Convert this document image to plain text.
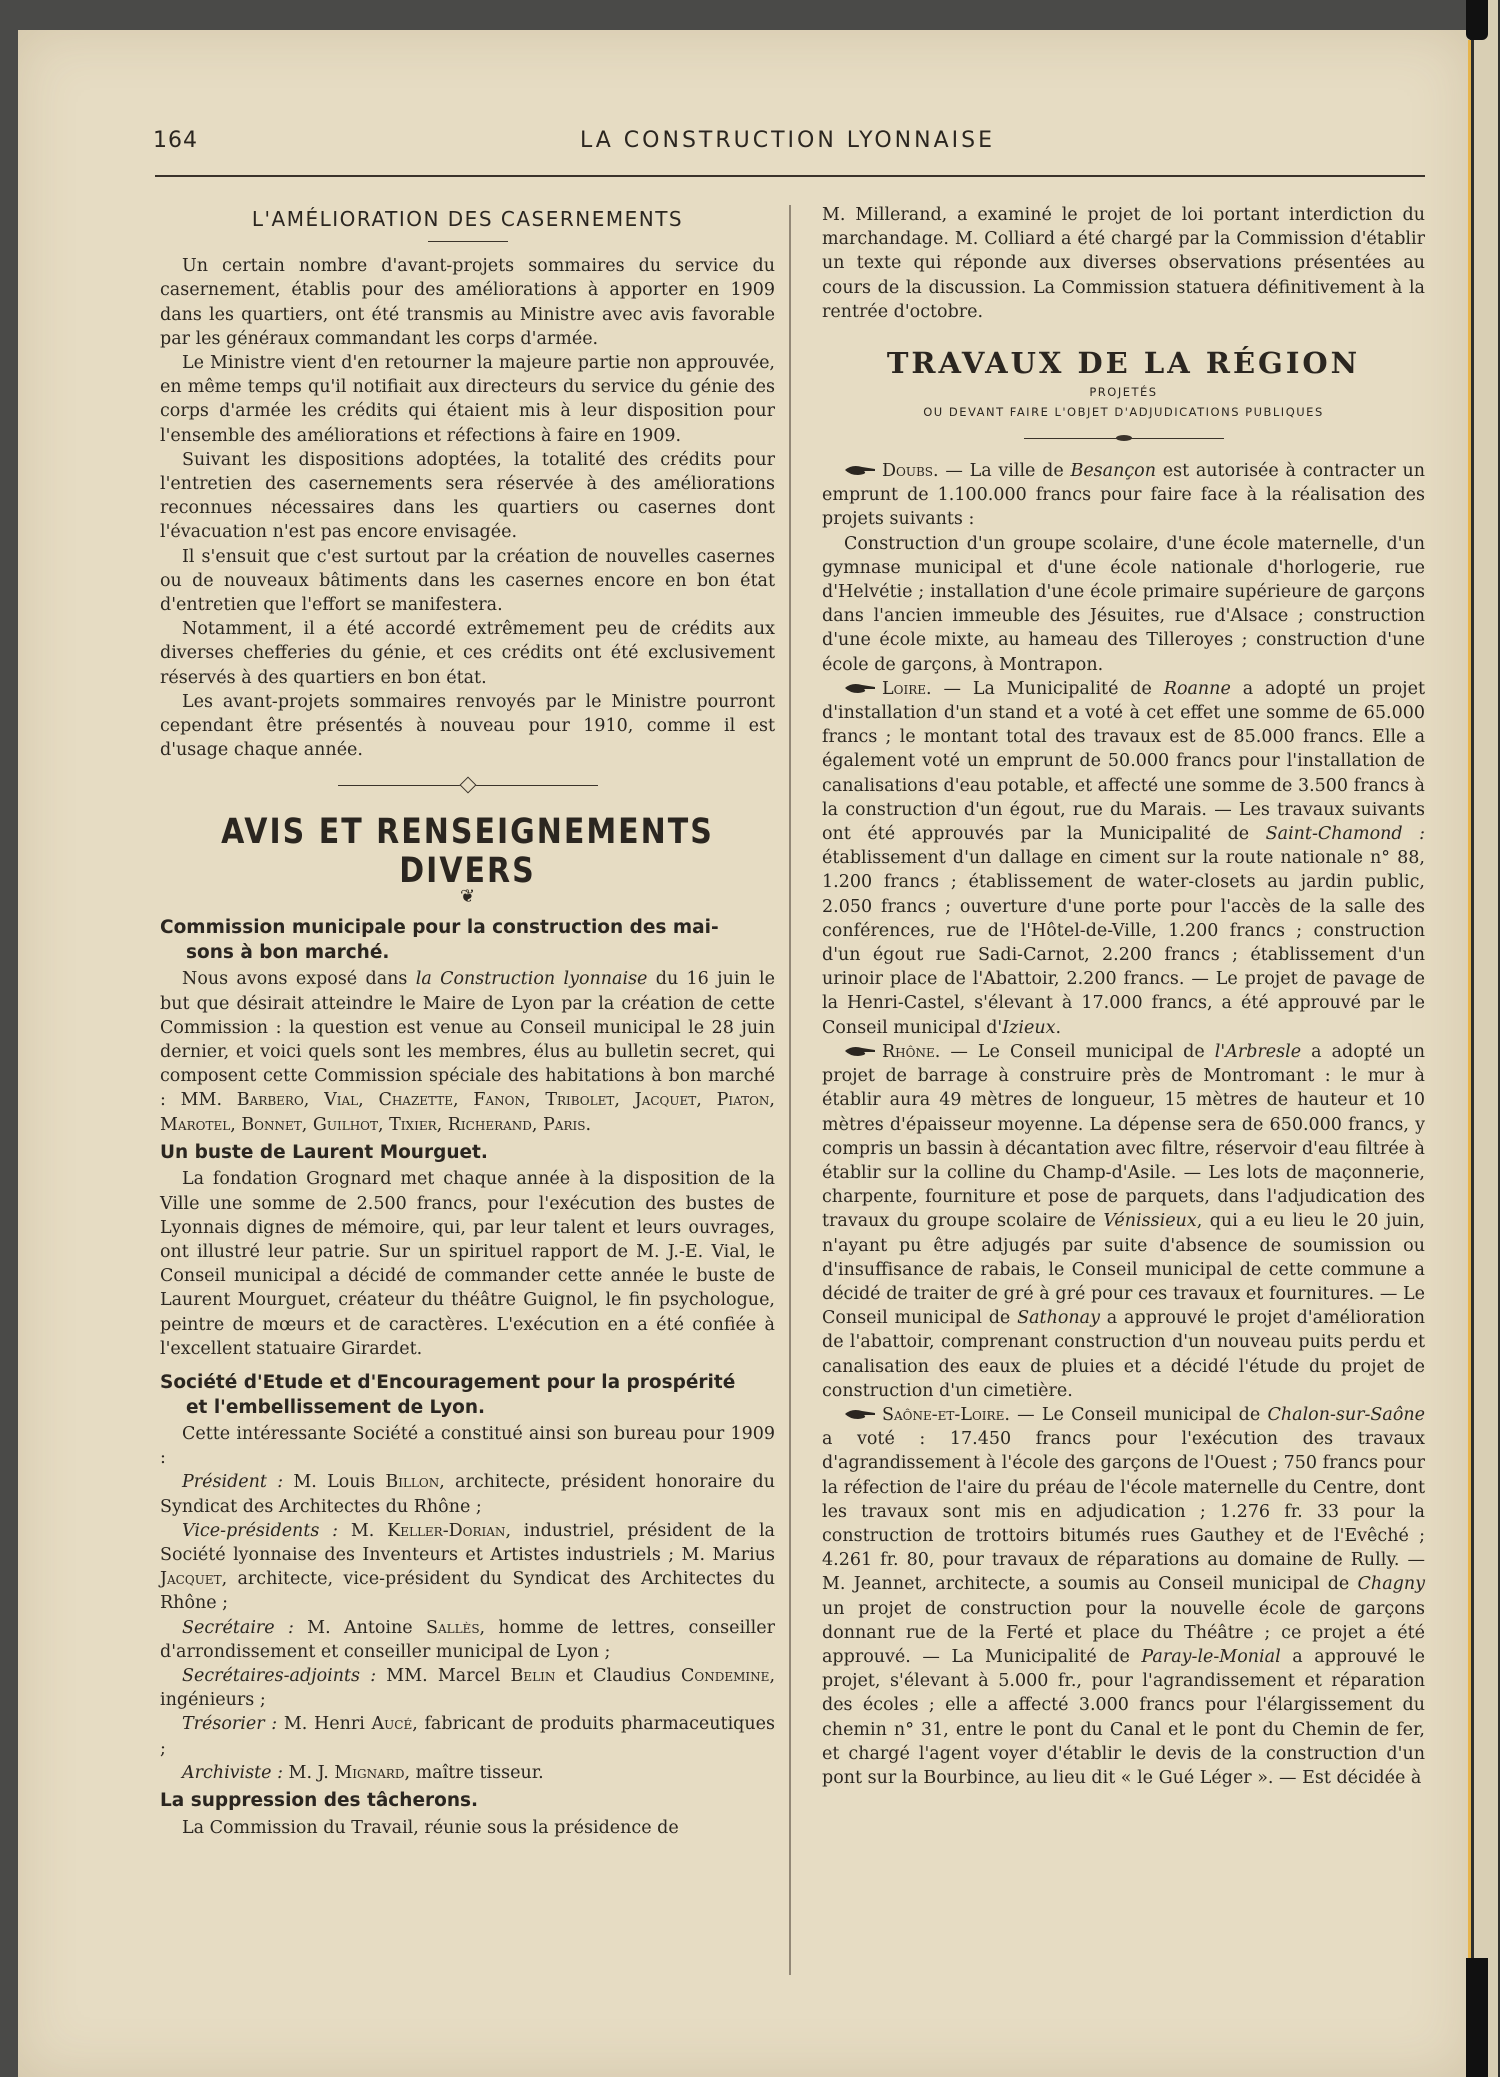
164	LA CONSTRUCTION LYONNAISE
L'AMÉLIORATION DES CASERNEMENTS

Un certain nombre d'avant-projets sommaires du service du casernement, établis pour des améliorations à apporter en 1909 dans les quartiers, ont été transmis au Ministre avec avis favorable par les généraux commandant les corps d'armée.

Le Ministre vient d'en retourner la majeure partie non approuvée, en même temps qu'il notifiait aux directeurs du service du génie des corps d'armée les crédits qui étaient mis à leur disposition pour l'ensemble des améliorations et réfections à faire en 1909.

Suivant les dispositions adoptées, la totalité des crédits pour l'entretien des casernements sera réservée à des améliorations reconnues nécessaires dans les quartiers ou casernes dont l'évacuation n'est pas encore envisagée.

Il s'ensuit que c'est surtout par la création de nouvelles casernes ou de nouveaux bâtiments dans les casernes encore en bon état d'entretien que l'effort se manifestera.

Notamment, il a été accordé extrêmement peu de crédits aux diverses chefferies du génie, et ces crédits ont été exclusivement réservés à des quartiers en bon état.

Les avant-projets sommaires renvoyés par le Ministre pourront cependant être présentés à nouveau pour 1910, comme il est d'usage chaque année.

AVIS ET RENSEIGNEMENTS DIVERS
❦
Commission municipale pour la construction des mai-
sons à bon marché.

Nous avons exposé dans la Construction lyonnaise du 16 juin le but que désirait atteindre le Maire de Lyon par la création de cette Commission : la question est venue au Conseil municipal le 28 juin dernier, et voici quels sont les membres, élus au bulletin secret, qui composent cette Commission spéciale des habitations à bon marché : MM. Barbero, Vial, Chazette, Fanon, Tribolet, Jacquet, Piaton, Marotel, Bonnet, Guilhot, Tixier, Richerand, Paris.

Un buste de Laurent Mourguet.

La fondation Grognard met chaque année à la disposition de la Ville une somme de 2.500 francs, pour l'exécution des bustes de Lyonnais dignes de mémoire, qui, par leur talent et leurs ouvrages, ont illustré leur patrie. Sur un spirituel rapport de M. J.-E. Vial, le Conseil municipal a décidé de commander cette année le buste de Laurent Mourguet, créateur du théâtre Guignol, le fin psychologue, peintre de mœurs et de caractères. L'exécution en a été confiée à l'excellent statuaire Girardet.

Société d'Etude et d'Encouragement pour la prospérité
et l'embellissement de Lyon.

Cette intéressante Société a constitué ainsi son bureau pour 1909 :

Président : M. Louis Billon, architecte, président honoraire du Syndicat des Architectes du Rhône ;

Vice-présidents : M. Keller-Dorian, industriel, président de la Société lyonnaise des Inventeurs et Artistes industriels ; M. Marius Jacquet, architecte, vice-président du Syndicat des Architectes du Rhône ;

Secrétaire : M. Antoine Sallès, homme de lettres, conseiller d'arrondissement et conseiller municipal de Lyon ;

Secrétaires-adjoints : MM. Marcel Belin et Claudius Condemine, ingénieurs ;

Trésorier : M. Henri Aucé, fabricant de produits pharmaceutiques ;

Archiviste : M. J. Mignard, maître tisseur.

La suppression des tâcherons.

La Commission du Travail, réunie sous la présidence de

M. Millerand, a examiné le projet de loi portant interdiction du marchandage. M. Colliard a été chargé par la Commission d'établir un texte qui réponde aux diverses observations présentées au cours de la discussion. La Commission statuera définitivement à la rentrée d'octobre.

TRAVAUX DE LA RÉGION
PROJETÉS
OU DEVANT FAIRE L'OBJET D'ADJUDICATIONS PUBLIQUES

Doubs. — La ville de Besançon est autorisée à contracter un emprunt de 1.100.000 francs pour faire face à la réalisation des projets suivants :

Construction d'un groupe scolaire, d'une école maternelle, d'un gymnase municipal et d'une école nationale d'horlogerie, rue d'Helvétie ; installation d'une école primaire supérieure de garçons dans l'ancien immeuble des Jésuites, rue d'Alsace ; construction d'une école mixte, au hameau des Tilleroyes ; construction d'une école de garçons, à Montrapon.

Loire. — La Municipalité de Roanne a adopté un projet d'installation d'un stand et a voté à cet effet une somme de 65.000 francs ; le montant total des travaux est de 85.000 francs. Elle a également voté un emprunt de 50.000 francs pour l'installation de canalisations d'eau potable, et affecté une somme de 3.500 francs à la construction d'un égout, rue du Marais. — Les travaux suivants ont été approuvés par la Municipalité de Saint-Chamond : établissement d'un dallage en ciment sur la route nationale n° 88, 1.200 francs ; établissement de water-closets au jardin public, 2.050 francs ; ouverture d'une porte pour l'accès de la salle des conférences, rue de l'Hôtel-de-Ville, 1.200 francs ; construction d'un égout rue Sadi-Carnot, 2.200 francs ; établissement d'un urinoir place de l'Abattoir, 2.200 francs. — Le projet de pavage de la Henri-Castel, s'élevant à 17.000 francs, a été approuvé par le Conseil municipal d'Izieux.

Rhône. — Le Conseil municipal de l'Arbresle a adopté un projet de barrage à construire près de Montromant : le mur à établir aura 49 mètres de longueur, 15 mètres de hauteur et 10 mètres d'épaisseur moyenne. La dépense sera de 650.000 francs, y compris un bassin à décantation avec filtre, réservoir d'eau filtrée à établir sur la colline du Champ-d'Asile. — Les lots de maçonnerie, charpente, fourniture et pose de parquets, dans l'adjudication des travaux du groupe scolaire de Vénissieux, qui a eu lieu le 20 juin, n'ayant pu être adjugés par suite d'absence de soumission ou d'insuffisance de rabais, le Conseil municipal de cette commune a décidé de traiter de gré à gré pour ces travaux et fournitures. — Le Conseil municipal de Sathonay a approuvé le projet d'amélioration de l'abattoir, comprenant construction d'un nouveau puits perdu et canalisation des eaux de pluies et a décidé l'étude du projet de construction d'un cimetière.

Saône-et-Loire. — Le Conseil municipal de Chalon-sur-Saône a voté : 17.450 francs pour l'exécution des travaux d'agrandissement à l'école des garçons de l'Ouest ; 750 francs pour la réfection de l'aire du préau de l'école maternelle du Centre, dont les travaux sont mis en adjudication ; 1.276 fr. 33 pour la construction de trottoirs bitumés rues Gauthey et de l'Evêché ; 4.261 fr. 80, pour travaux de réparations au domaine de Rully. — M. Jeannet, architecte, a soumis au Conseil municipal de Chagny un projet de construction pour la nouvelle école de garçons donnant rue de la Ferté et place du Théâtre ; ce projet a été approuvé. — La Municipalité de Paray-le-Monial a approuvé le projet, s'élevant à 5.000 fr., pour l'agrandissement et réparation des écoles ; elle a affecté 3.000 francs pour l'élargissement du chemin n° 31, entre le pont du Canal et le pont du Chemin de fer, et chargé l'agent voyer d'établir le devis de la construction d'un pont sur la Bourbince, au lieu dit « le Gué Léger ». — Est décidée à
